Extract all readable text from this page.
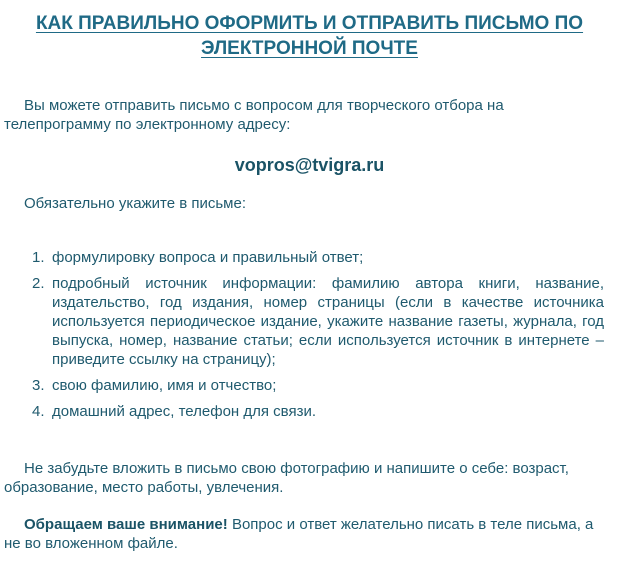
КАК ПРАВИЛЬНО ОФОРМИТЬ И ОТПРАВИТЬ ПИСЬМО ПО
ЭЛЕКТРОННОЙ ПОЧТЕ

Вы можете отправить письмо с вопросом для творческого отбора на телепрограмму по электронному адресу:

vopros@tvigra.ru

Обязательно укажите в письме:

1. формулировку вопроса и правильный ответ;
2. подробный источник информации: фамилию автора книги, название, издательство, год издания, номер страницы (если в качестве источника используется периодическое издание, укажите название газеты, журнала, год выпуска, номер, название статьи; если используется источник в интернете – приведите ссылку на страницу);
3. свою фамилию, имя и отчество;
4. домашний адрес, телефон для связи.

Не забудьте вложить в письмо свою фотографию и напишите о себе: возраст, образование, место работы, увлечения.

Обращаем ваше внимание! Вопрос и ответ желательно писать в теле письма, а не во вложенном файле.
